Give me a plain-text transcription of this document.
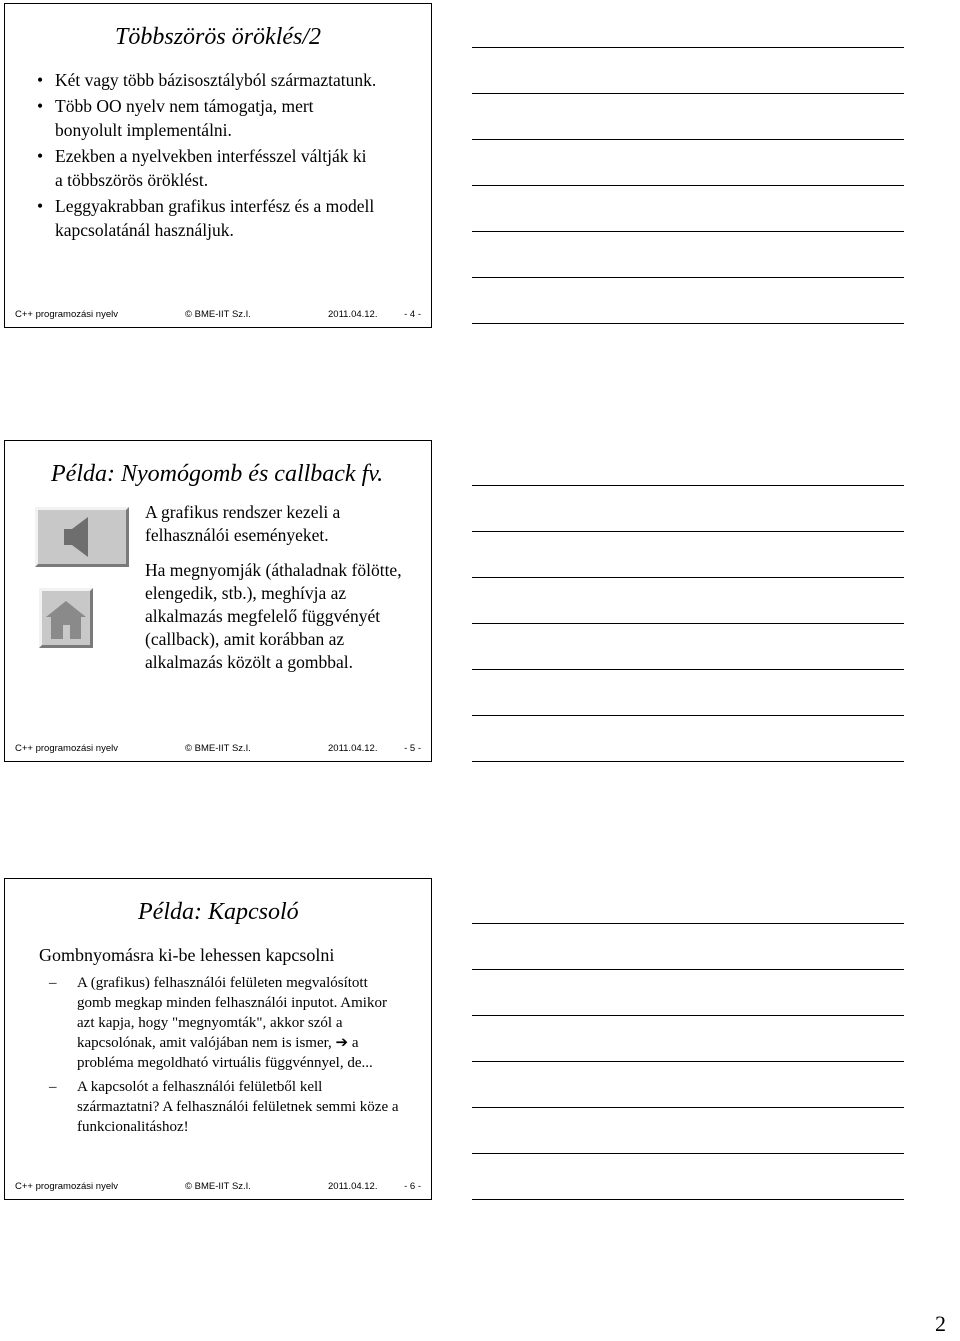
Többszörös öröklés/2
• Két vagy több bázisosztályból származtatunk.
• Több OO nyelv nem támogatja, mert bonyolult implementálni.
• Ezekben a nyelvekben interfésszel váltják ki a többszörös öröklést.
• Leggyakrabban grafikus interfész és a modell kapcsolatánál használjuk.
C++ programozási nyelv	© BME-IIT Sz.I.	2011.04.12.	- 4 -
Példa: Nyomógomb és callback fv.
A grafikus rendszer kezeli a felhasználói eseményeket.
Ha megnyomják (áthaladnak fölötte, elengedik, stb.), meghívja az alkalmazás megfelelő függvényét (callback), amit korábban az alkalmazás közölt a gombbal.
C++ programozási nyelv	© BME-IIT Sz.I.	2011.04.12.	- 5 -
Példa: Kapcsoló
Gombnyomásra ki-be lehessen kapcsolni
– A (grafikus) felhasználói felületen megvalósított gomb megkap minden felhasználói inputot. Amikor azt kapja, hogy "megnyomták", akkor szól a kapcsolónak, amit valójában nem is ismer, ➔ a probléma megoldható virtuális függvénnyel, de...
– A kapcsolót a felhasználói felületből kell származtatni? A felhasználói felületnek semmi köze a funkcionalitáshoz!
C++ programozási nyelv	© BME-IIT Sz.I.	2011.04.12.	- 6 -
2
